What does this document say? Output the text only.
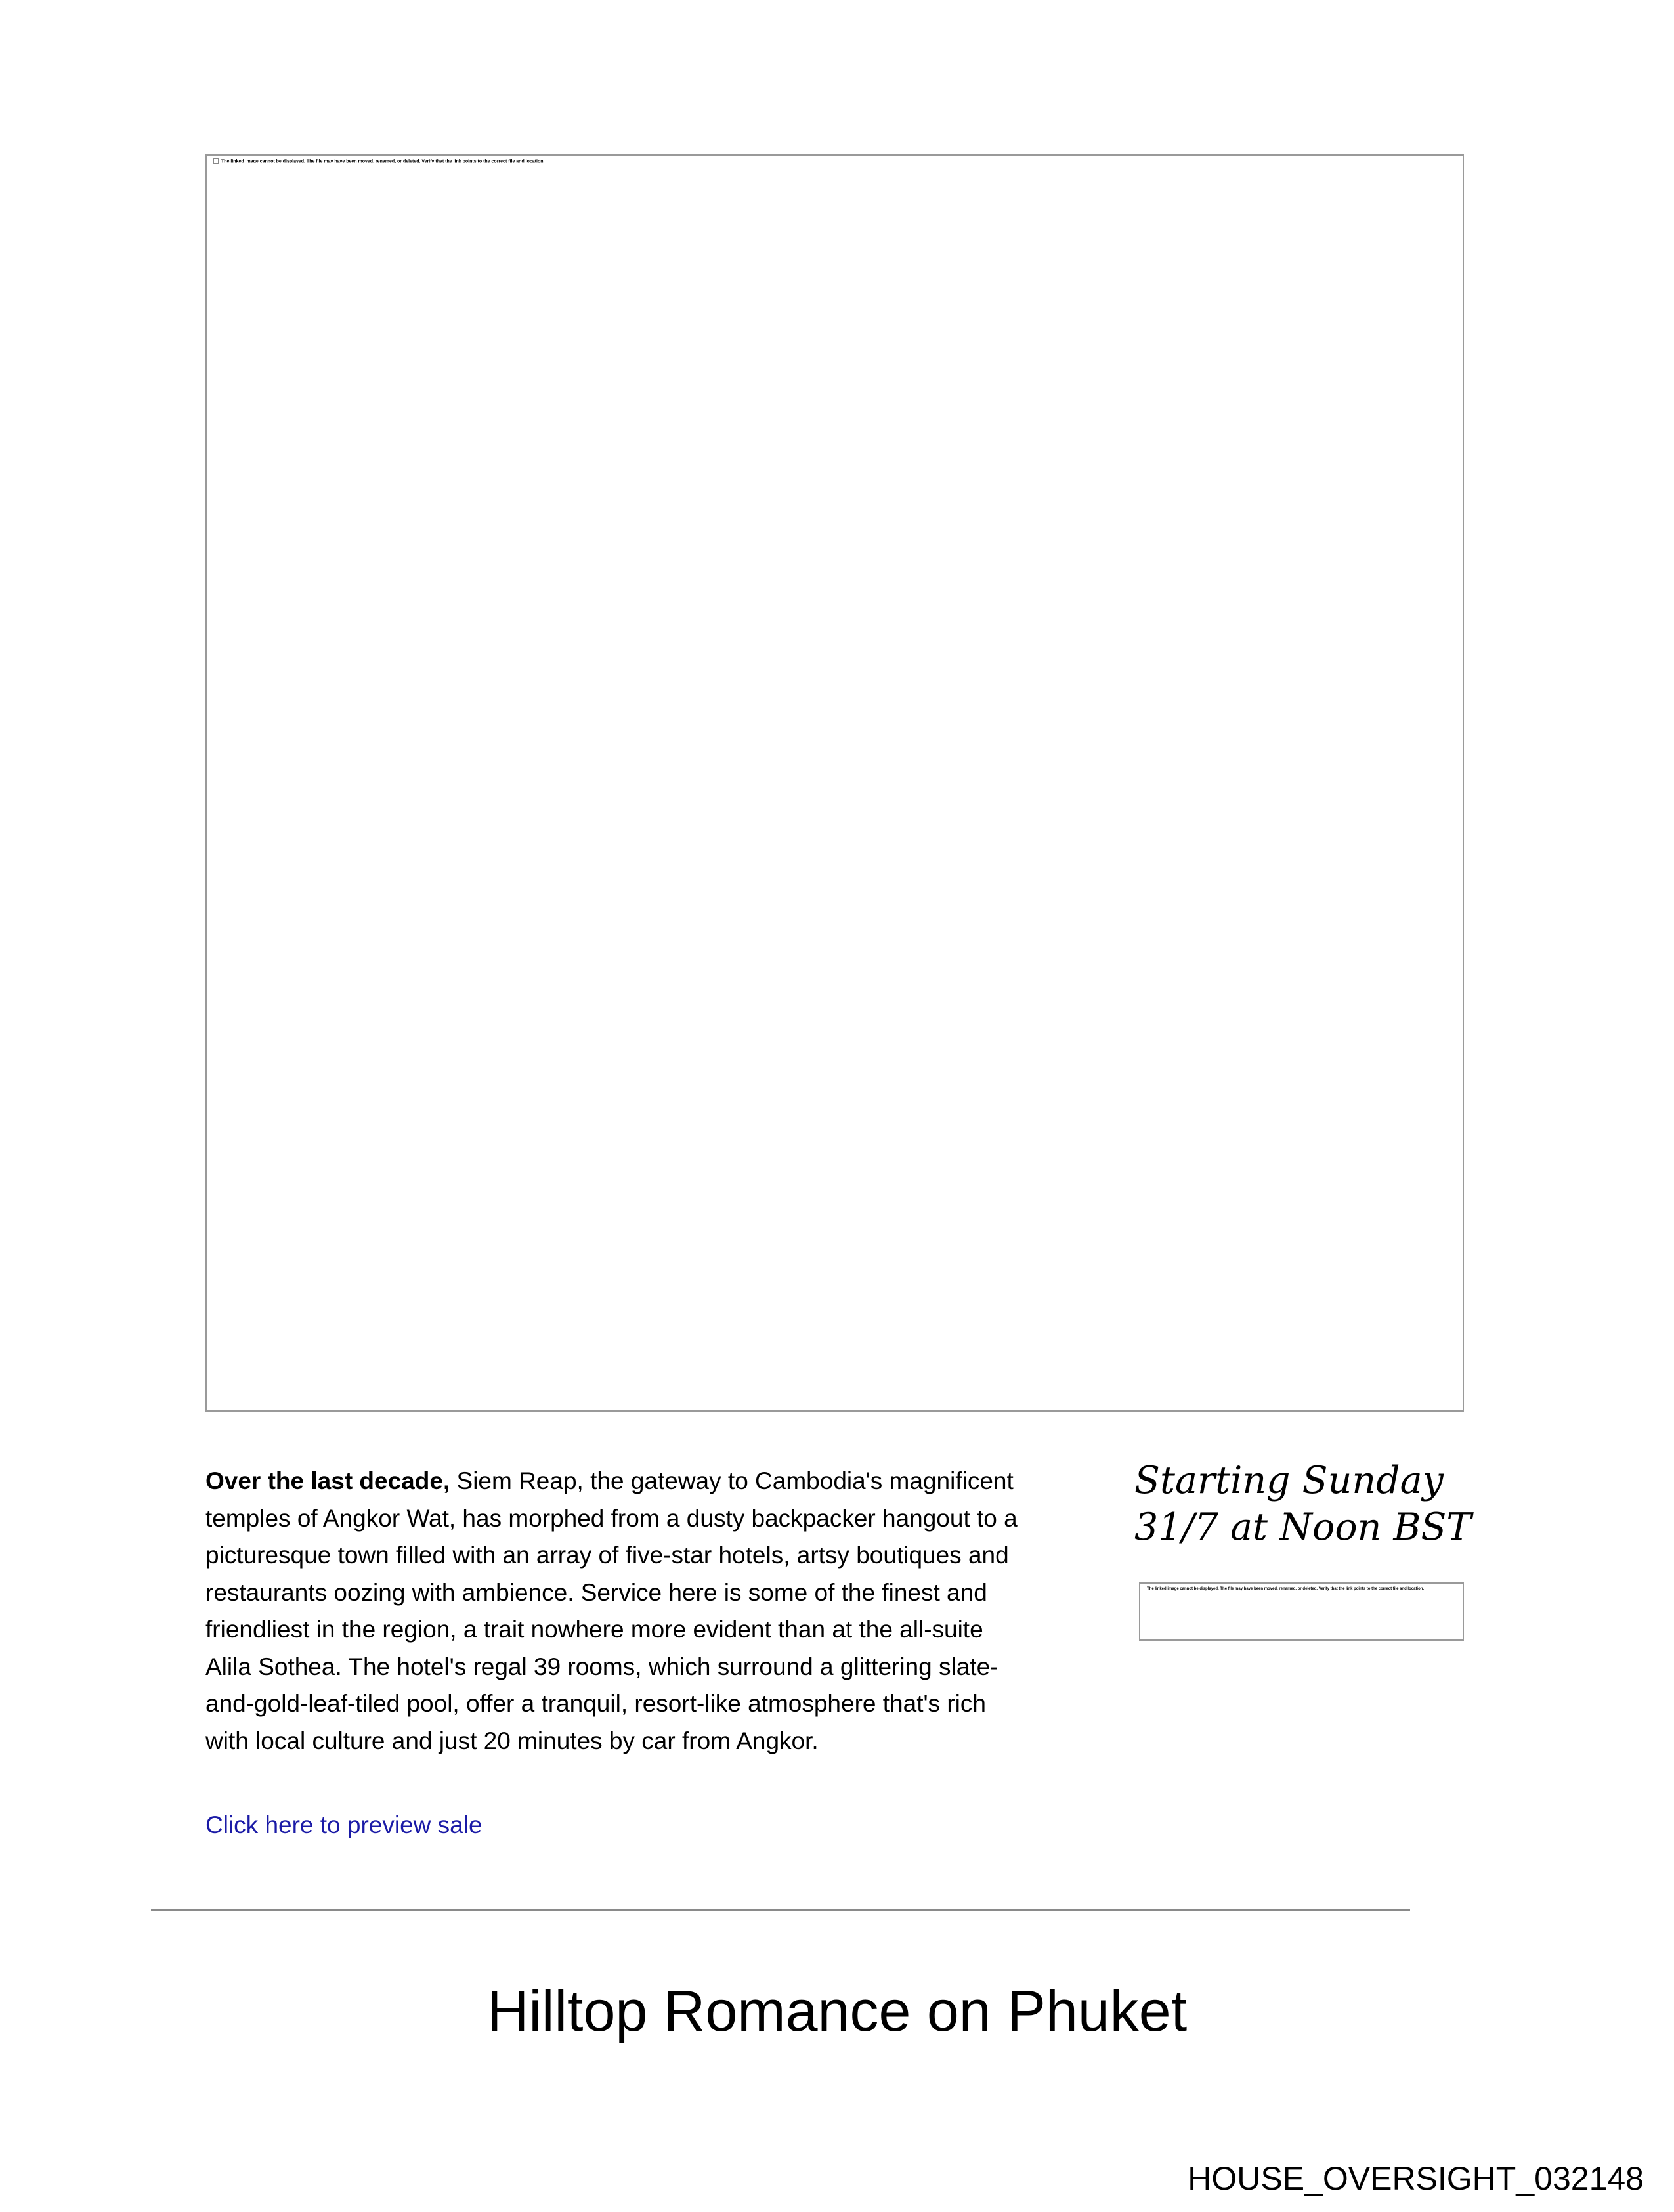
The linked image cannot be displayed. The file may have been moved, renamed, or deleted. Verify that the link points to the correct file and location.
Over the last decade, Siem Reap, the gateway to Cambodia's magnificent temples of Angkor Wat, has morphed from a dusty backpacker hangout to a picturesque town filled with an array of five-star hotels, artsy boutiques and restaurants oozing with ambience. Service here is some of the finest and friendliest in the region, a trait nowhere more evident than at the all-suite Alila Sothea. The hotel's regal 39 rooms, which surround a glittering slate-and-gold-leaf-tiled pool, offer a tranquil, resort-like atmosphere that's rich with local culture and just 20 minutes by car from Angkor.
Click here to preview sale
Starting Sunday
31/7 at Noon BST
The linked image cannot be displayed. The file may have been moved, renamed, or deleted. Verify that the link points to the correct file and location.
Hilltop Romance on Phuket
HOUSE_OVERSIGHT_032148
